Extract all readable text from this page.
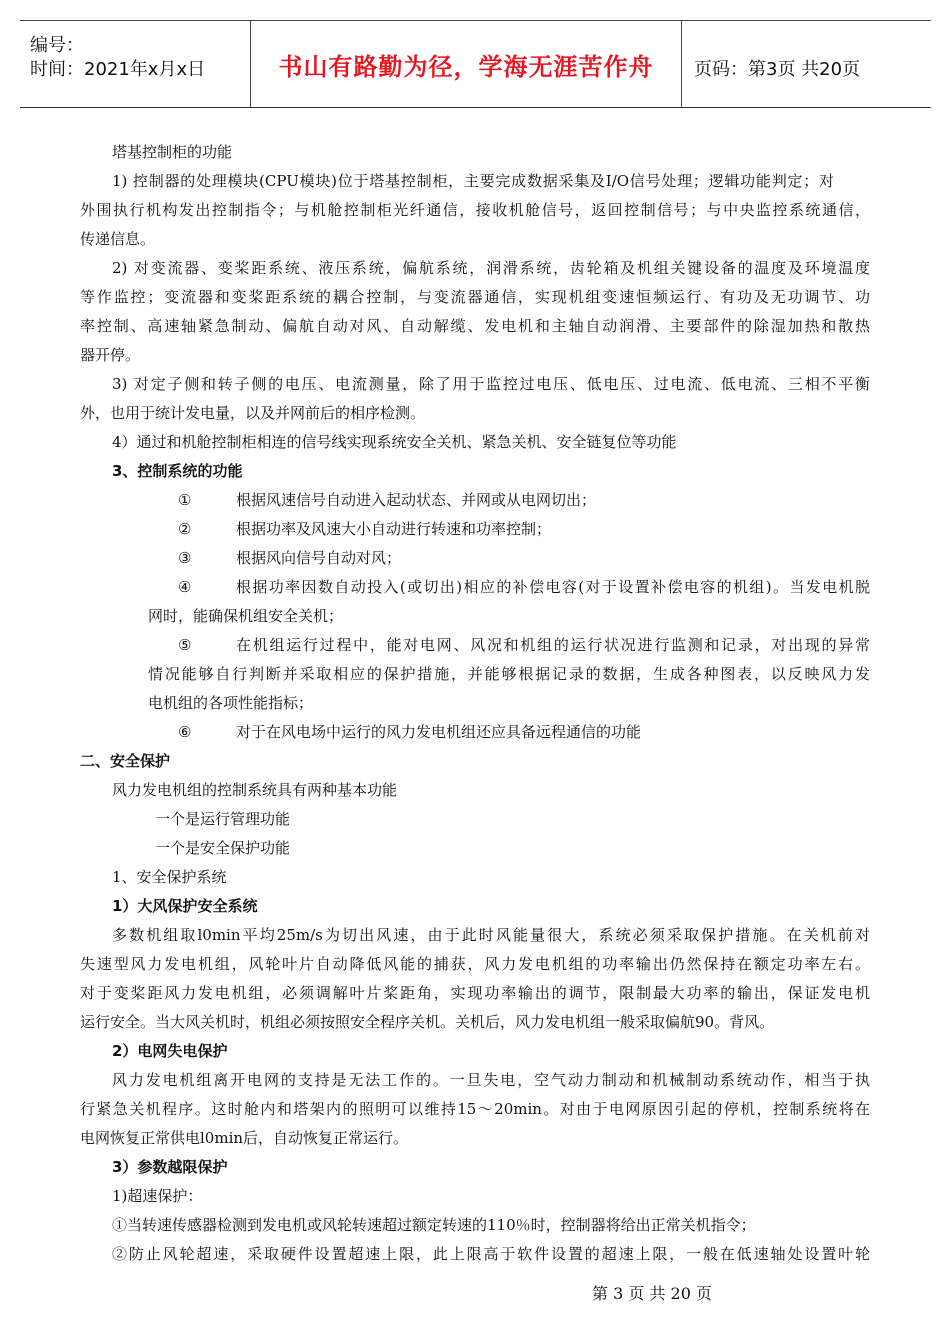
编号：
时间：2021年x月x日	书山有路勤为径，学海无涯苦作舟	页码：第3页 共20页
塔基控制柜的功能
1) 控制器的处理模块(CPU模块)位于塔基控制柜，主要完成数据采集及I/O信号处理；逻辑功能判定；对
外围执行机构发出控制指令；与机舱控制柜光纤通信，接收机舱信号，返回控制信号；与中央监控系统通信，
传递信息。
2) 对变流器、变桨距系统、液压系统，偏航系统，润滑系统，齿轮箱及机组关键设备的温度及环境温度
等作监控；变流器和变桨距系统的耦合控制，与变流器通信，实现机组变速恒频运行、有功及无功调节、功
率控制、高速轴紧急制动、偏航自动对风、自动解缆、发电机和主轴自动润滑、主要部件的除湿加热和散热
器开停。
3) 对定子侧和转子侧的电压、电流测量，除了用于监控过电压、低电压、过电流、低电流、三相不平衡
外，也用于统计发电量，以及并网前后的相序检测。
4）通过和机舱控制柜相连的信号线实现系统安全关机、紧急关机、安全链复位等功能
3、控制系统的功能
①	根据风速信号自动进入起动状态、并网或从电网切出；
②	根据功率及风速大小自动进行转速和功率控制；
③	根据风向信号自动对风；
④	根据功率因数自动投入(或切出)相应的补偿电容(对于设置补偿电容的机组)。当发电机脱
网时，能确保机组安全关机；
⑤	在机组运行过程中，能对电网、风况和机组的运行状况进行监测和记录，对出现的异常
情况能够自行判断并采取相应的保护措施，并能够根据记录的数据，生成各种图表，以反映风力发
电机组的各项性能指标；
⑥	对于在风电场中运行的风力发电机组还应具备远程通信的功能
二、安全保护
风力发电机组的控制系统具有两种基本功能
一个是运行管理功能
一个是安全保护功能
1、安全保护系统
1）大风保护安全系统
多数机组取l0min平均25m/s为切出风速，由于此时风能量很大，系统必须采取保护措施。在关机前对
失速型风力发电机组，风轮叶片自动降低风能的捕获，风力发电机组的功率输出仍然保持在额定功率左右。
对于变桨距风力发电机组，必须调解叶片桨距角，实现功率输出的调节，限制最大功率的输出，保证发电机
运行安全。当大风关机时，机组必须按照安全程序关机。关机后，风力发电机组一般采取偏航90。背风。
2）电网失电保护
风力发电机组离开电网的支持是无法工作的。一旦失电，空气动力制动和机械制动系统动作，相当于执
行紧急关机程序。这时舱内和塔架内的照明可以维持15～20min。对由于电网原因引起的停机，控制系统将在
电网恢复正常供电l0min后，自动恢复正常运行。
3）参数越限保护
1)超速保护：
①当转速传感器检测到发电机或风轮转速超过额定转速的110％时，控制器将给出正常关机指令；
②防止风轮超速，采取硬件设置超速上限，此上限高于软件设置的超速上限，一般在低速轴处设置叶轮
第 3 页 共 20 页
